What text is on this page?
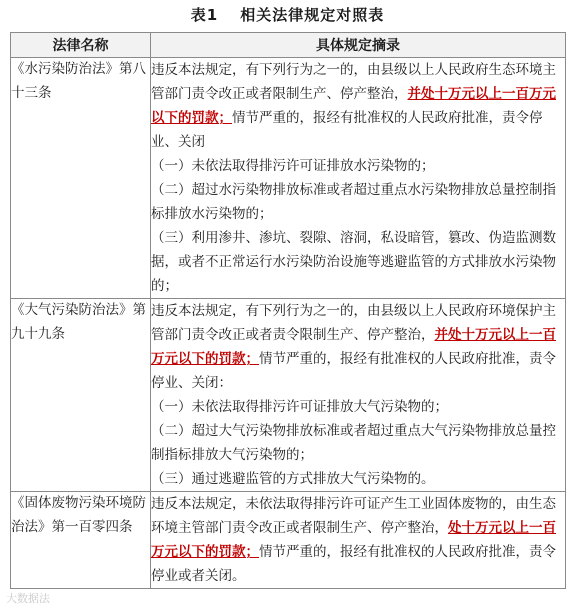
表1 相关法律规定对照表
法律名称	具体规定摘录
《水污染防治法》第八十三条	违反本法规定，有下列行为之一的，由县级以上人民政府生态环境主管部门责令改正或者限制生产、停产整治，并处十万元以上一百万元以下的罚款；情节严重的，报经有批准权的人民政府批准，责令停业、关闭

（一）未依法取得排污许可证排放水污染物的；

（二）超过水污染物排放标准或者超过重点水污染物排放总量控制指标排放水污染物的；

（三）利用渗井、渗坑、裂隙、溶洞，私设暗管，篡改、伪造监测数据，或者不正常运行水污染防治设施等逃避监管的方式排放水污染物的；

《大气污染防治法》第九十九条	违反本法规定，有下列行为之一的，由县级以上人民政府环境保护主管部门责令改正或者责令限制生产、停产整治，并处十万元以上一百万元以下的罚款；情节严重的，报经有批准权的人民政府批准，责令停业、关闭：

（一）未依法取得排污许可证排放大气污染物的；

（二）超过大气污染物排放标准或者超过重点大气污染物排放总量控制指标排放大气污染物的；

（三）通过逃避监管的方式排放大气污染物的。

《固体废物污染环境防治法》第一百零四条	违反本法规定，未依法取得排污许可证产生工业固体废物的，由生态环境主管部门责令改正或者限制生产、停产整治，处十万元以上一百万元以下的罚款；情节严重的，报经有批准权的人民政府批准，责令停业或者关闭。

大数据法
